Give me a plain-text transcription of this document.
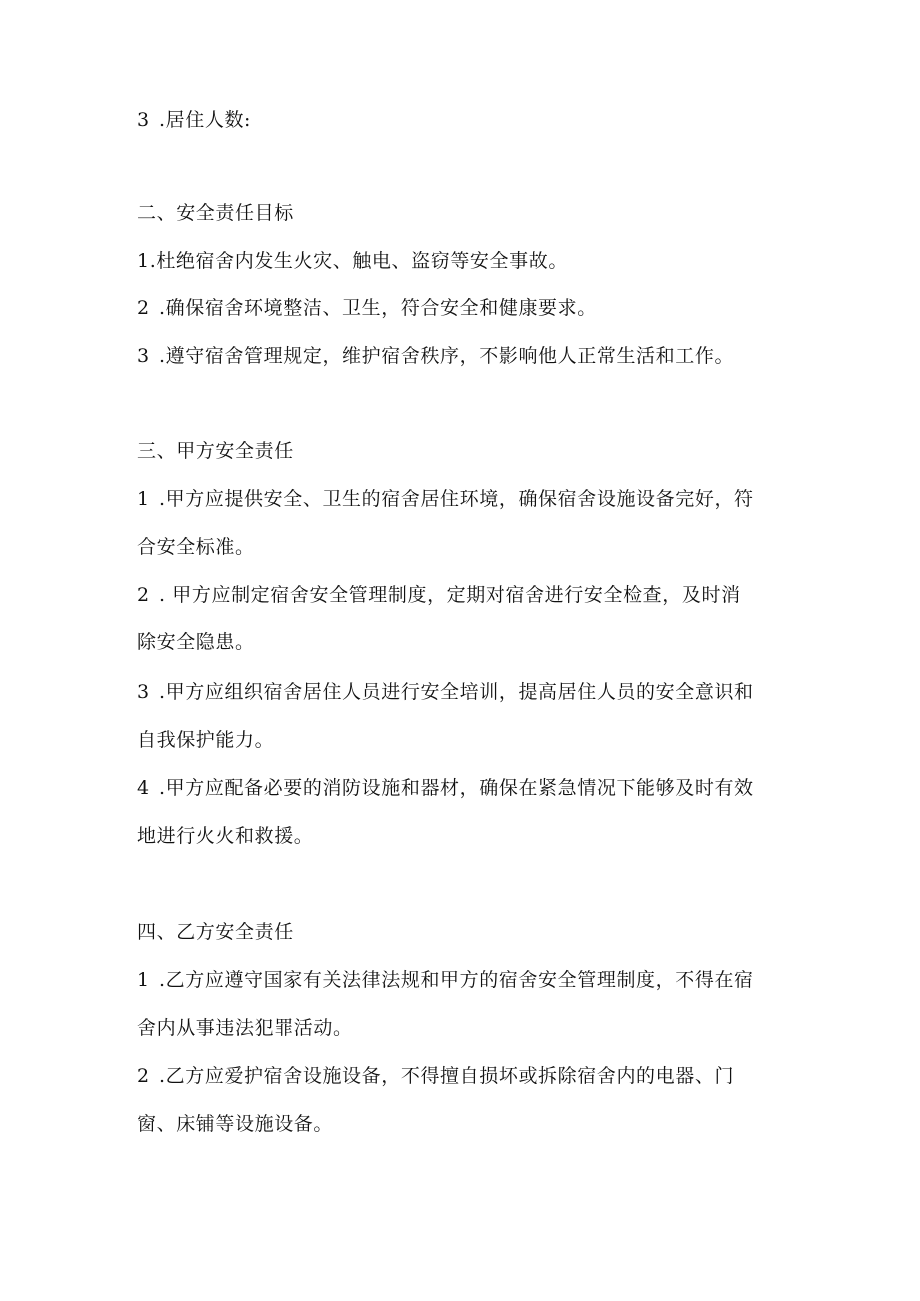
3 .居住人数:
二、安全责任目标
1.杜绝宿舍内发生火灾、触电、盗窃等安全事故。
2 .确保宿舍环境整洁、卫生，符合安全和健康要求。
3 .遵守宿舍管理规定，维护宿舍秩序，不影响他人正常生活和工作。
三、甲方安全责任
1 .甲方应提供安全、卫生的宿舍居住环境，确保宿舍设施设备完好，符
合安全标准。
2 . 甲方应制定宿舍安全管理制度，定期对宿舍进行安全检查，及时消
除安全隐患。
3 .甲方应组织宿舍居住人员进行安全培训，提高居住人员的安全意识和
自我保护能力。
4 .甲方应配备必要的消防设施和器材，确保在紧急情况下能够及时有效
地进行火火和救援。
四、乙方安全责任
1 .乙方应遵守国家有关法律法规和甲方的宿舍安全管理制度，不得在宿
舍内从事违法犯罪活动。
2 .乙方应爱护宿舍设施设备，不得擅自损坏或拆除宿舍内的电器、门
窗、床铺等设施设备。
